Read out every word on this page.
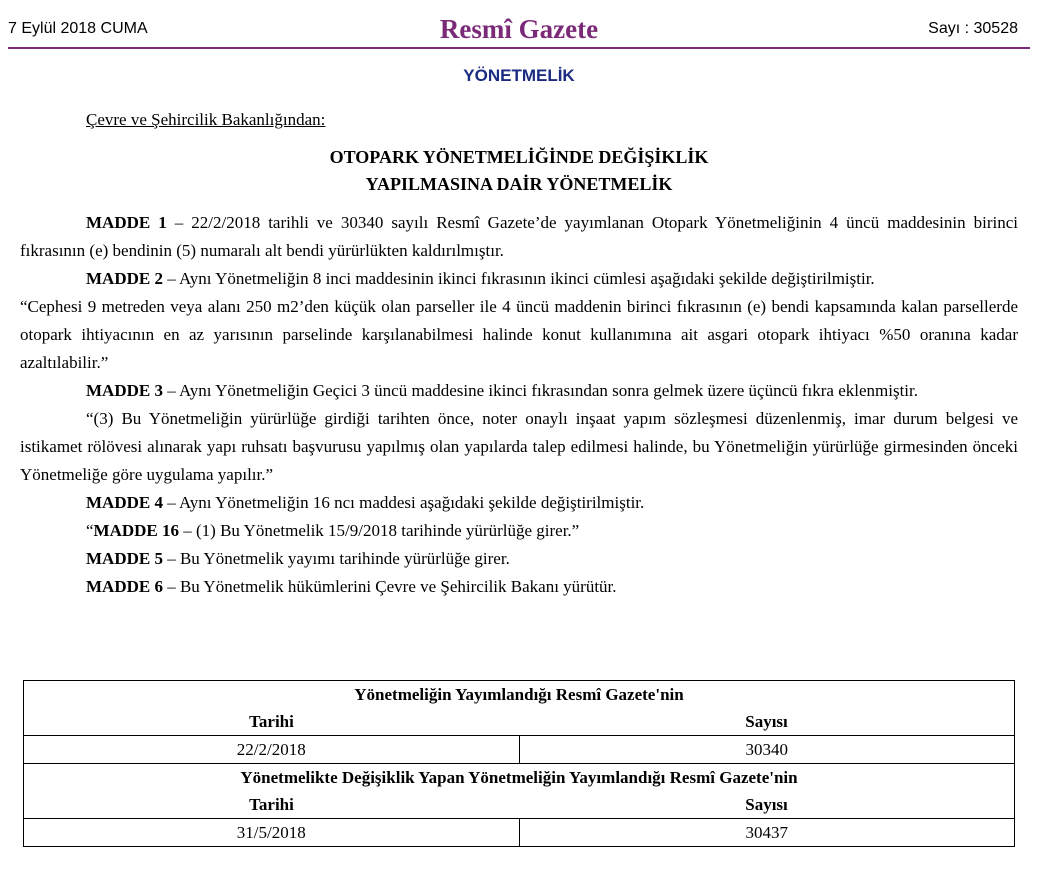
7 Eylül 2018 CUMA	Resmî Gazete	Sayı : 30528
YÖNETMELİK
Çevre ve Şehircilik Bakanlığından:
OTOPARK YÖNETMELİĞİNDE DEĞİŞİKLİK
YAPILMASINA DAİR YÖNETMELİK

MADDE 1 – 22/2/2018 tarihli ve 30340 sayılı Resmî Gazete’de yayımlanan Otopark Yönetmeliğinin 4 üncü maddesinin birinci fıkrasının (e) bendinin (5) numaralı alt bendi yürürlükten kaldırılmıştır.

MADDE 2 – Aynı Yönetmeliğin 8 inci maddesinin ikinci fıkrasının ikinci cümlesi aşağıdaki şekilde değiştirilmiştir.

“Cephesi 9 metreden veya alanı 250 m2’den küçük olan parseller ile 4 üncü maddenin birinci fıkrasının (e) bendi kapsamında kalan parsellerde otopark ihtiyacının en az yarısının parselinde karşılanabilmesi halinde konut kullanımına ait asgari otopark ihtiyacı %50 oranına kadar azaltılabilir.”

MADDE 3 – Aynı Yönetmeliğin Geçici 3 üncü maddesine ikinci fıkrasından sonra gelmek üzere üçüncü fıkra eklenmiştir.

“(3) Bu Yönetmeliğin yürürlüğe girdiği tarihten önce, noter onaylı inşaat yapım sözleşmesi düzenlenmiş, imar durum belgesi ve istikamet rölövesi alınarak yapı ruhsatı başvurusu yapılmış olan yapılarda talep edilmesi halinde, bu Yönetmeliğin yürürlüğe girmesinden önceki Yönetmeliğe göre uygulama yapılır.”

MADDE 4 – Aynı Yönetmeliğin 16 ncı maddesi aşağıdaki şekilde değiştirilmiştir.

“MADDE 16 – (1) Bu Yönetmelik 15/9/2018 tarihinde yürürlüğe girer.”

MADDE 5 – Bu Yönetmelik yayımı tarihinde yürürlüğe girer.

MADDE 6 – Bu Yönetmelik hükümlerini Çevre ve Şehircilik Bakanı yürütür.

Yönetmeliğin Yayımlandığı Resmî Gazete'nin
Tarihi Sayısı	

22/2/2018	30340

Yönetmelikte Değişiklik Yapan Yönetmeliğin Yayımlandığı Resmî Gazete'nin
Tarihi Sayısı	

31/5/2018	30437
